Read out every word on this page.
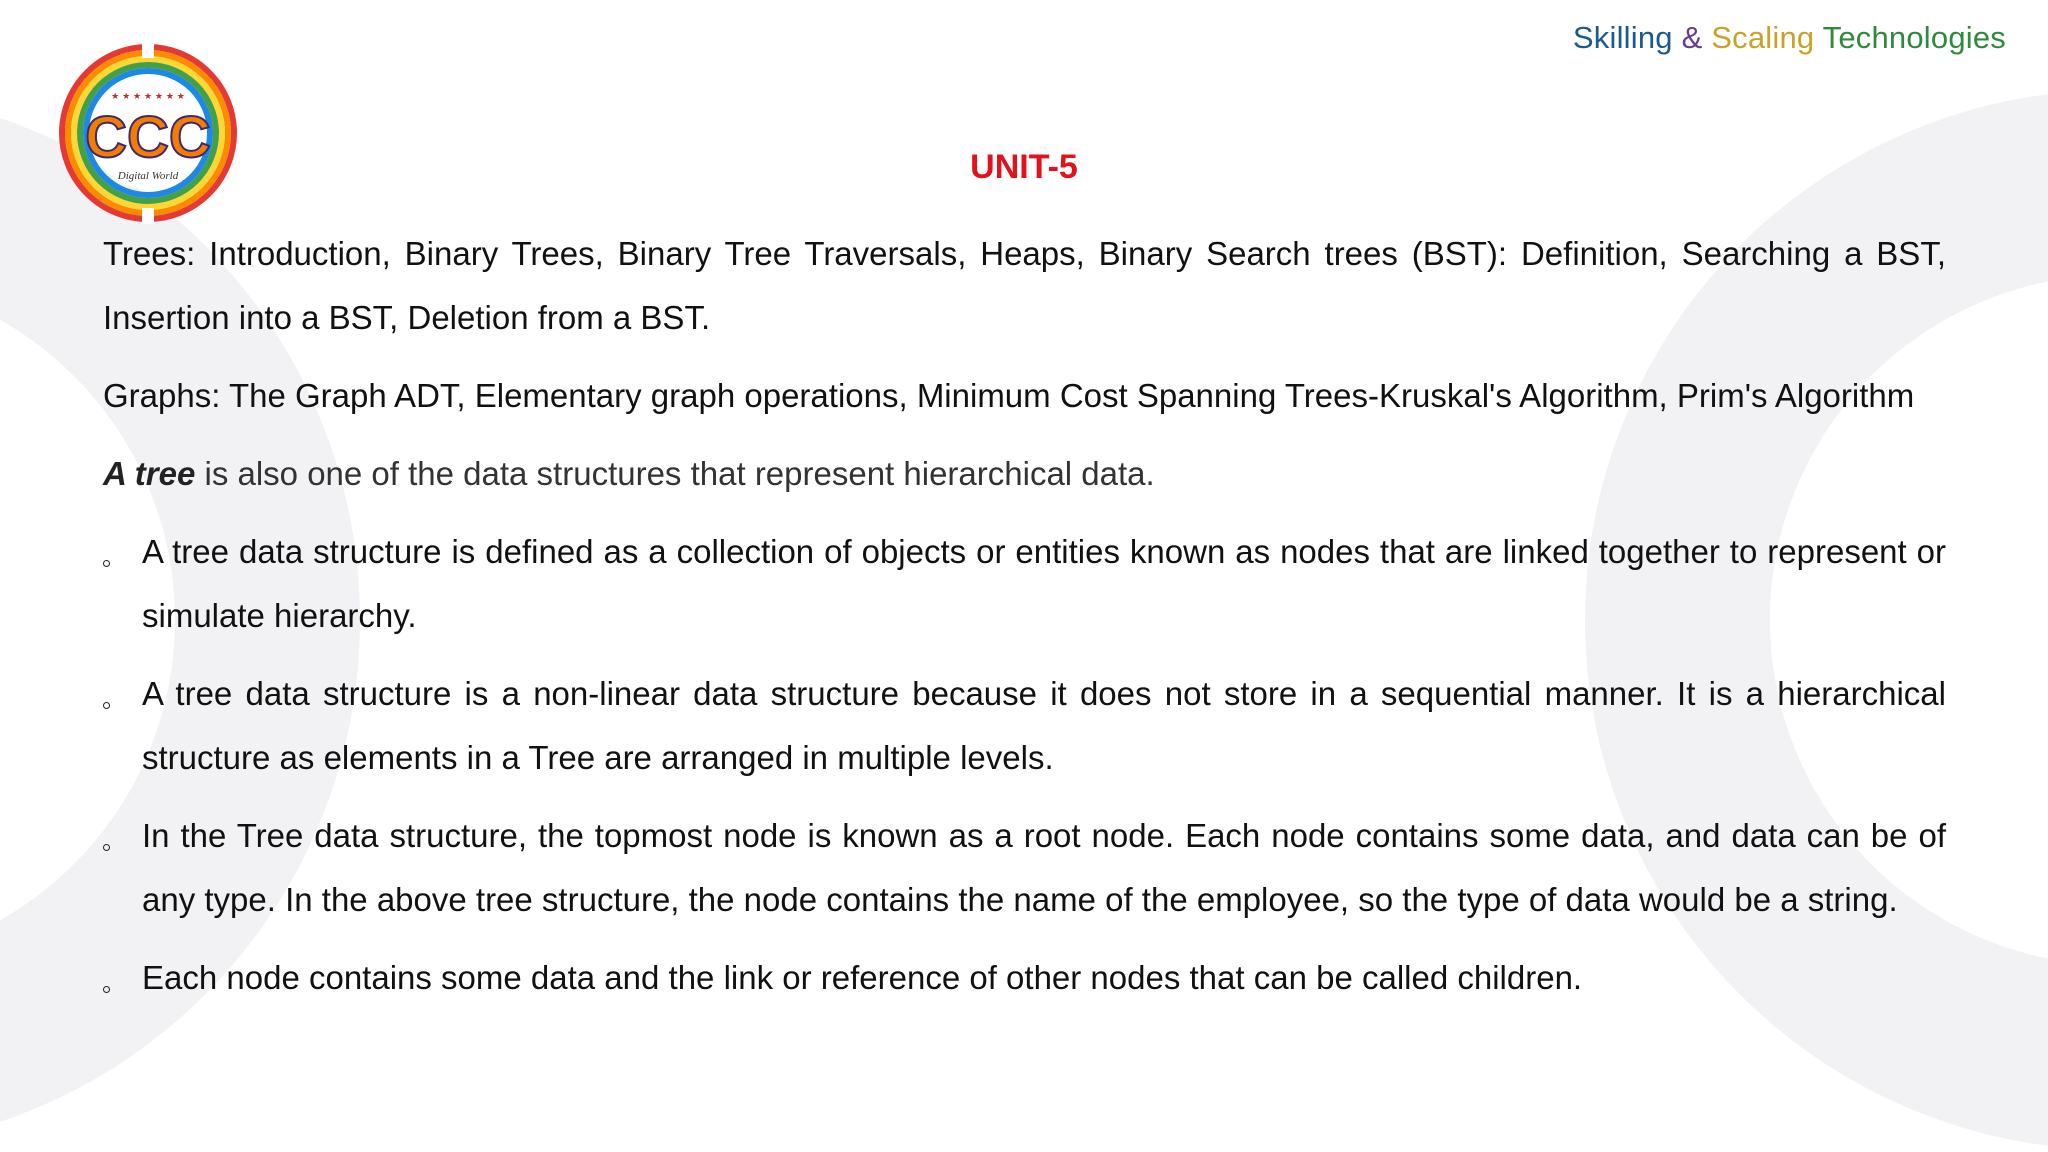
★ ★ ★ ★ ★ ★ ★
CCC
Digital World
Skilling & Scaling Technologies
UNIT-5

Trees: Introduction, Binary Trees, Binary Tree Traversals, Heaps, Binary Search trees (BST): Definition, Searching a BST, Insertion into a BST, Deletion from a BST.

Graphs: The Graph ADT, Elementary graph operations, Minimum Cost Spanning Trees-Kruskal's Algorithm, Prim's Algorithm

A tree is also one of the data structures that represent hierarchical data.

A tree data structure is defined as a collection of objects or entities known as nodes that are linked together to represent or simulate hierarchy.
A tree data structure is a non-linear data structure because it does not store in a sequential manner. It is a hierarchical structure as elements in a Tree are arranged in multiple levels.
In the Tree data structure, the topmost node is known as a root node. Each node contains some data, and data can be of any type. In the above tree structure, the node contains the name of the employee, so the type of data would be a string.
Each node contains some data and the link or reference of other nodes that can be called children.
